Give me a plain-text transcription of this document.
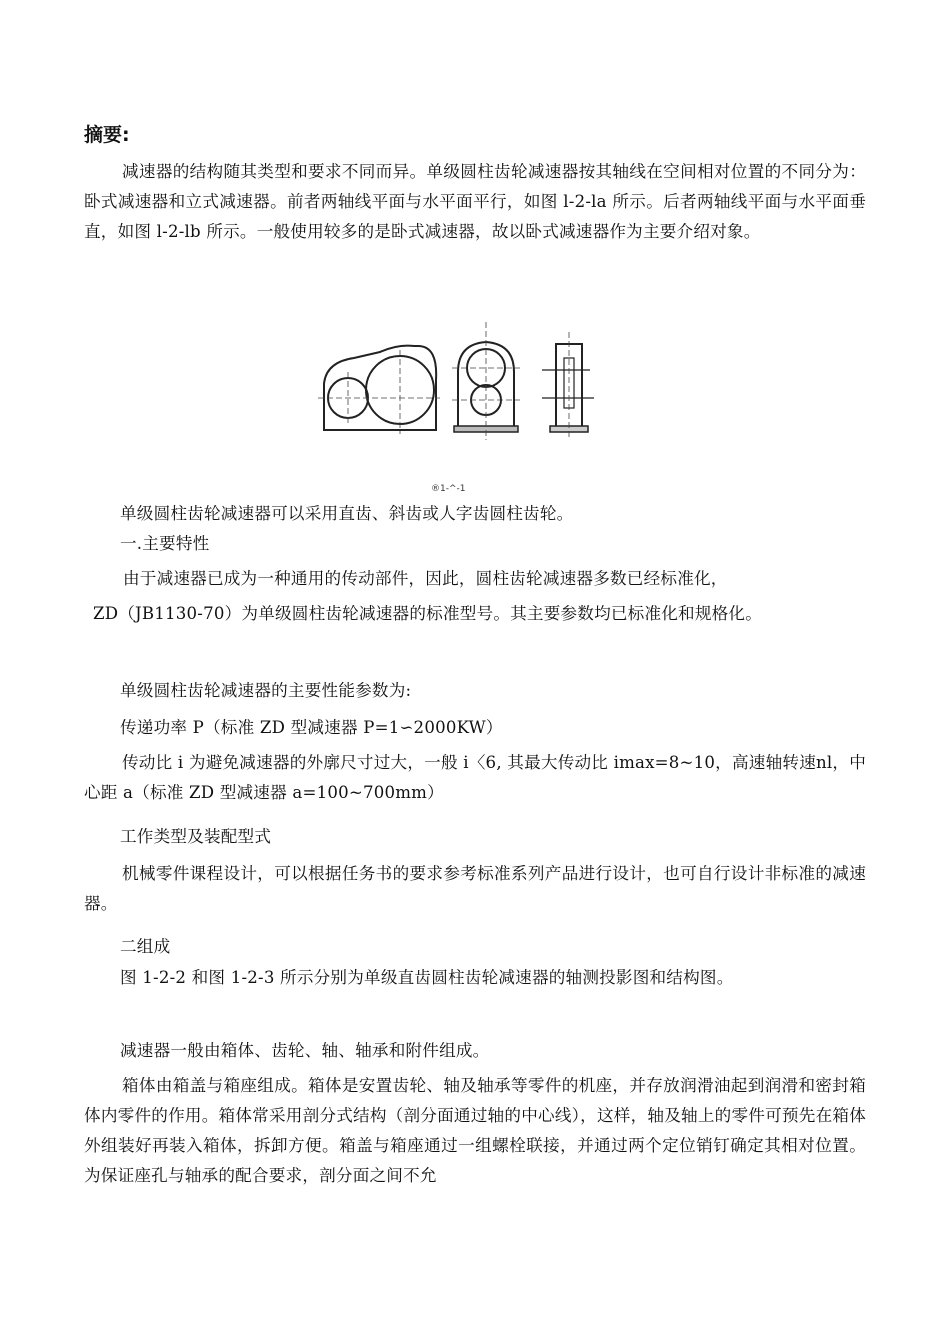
摘要:
减速器的结构随其类型和要求不同而异。单级圆柱齿轮减速器按其轴线在空间相对位置的不同分为：卧式减速器和立式减速器。前者两轴线平面与水平面平行，如图 l-2-la 所示。后者两轴线平面与水平面垂直，如图 l-2-lb 所示。一般使用较多的是卧式减速器，故以卧式减速器作为主要介绍对象。
®1-^-1
单级圆柱齿轮减速器可以采用直齿、斜齿或人字齿圆柱齿轮。
一.主要特性
由于减速器已成为一种通用的传动部件，因此，圆柱齿轮减速器多数已经标准化，
ZD（JB1130-70）为单级圆柱齿轮减速器的标准型号。其主要参数均已标准化和规格化。
单级圆柱齿轮减速器的主要性能参数为:
传递功率 P（标准 ZD 型减速器 P=1∽2000KW）
传动比 i 为避免减速器的外廓尺寸过大，一般 i〈6, 其最大传动比 imax=8~10，高速轴转速nl，中心距 a（标准 ZD 型减速器 a=100~700mm）
工作类型及装配型式
机械零件课程设计，可以根据任务书的要求参考标准系列产品进行设计，也可自行设计非标准的减速器。
二组成
图 1-2-2 和图 1-2-3 所示分别为单级直齿圆柱齿轮减速器的轴测投影图和结构图。
减速器一般由箱体、齿轮、轴、轴承和附件组成。
箱体由箱盖与箱座组成。箱体是安置齿轮、轴及轴承等零件的机座，并存放润滑油起到润滑和密封箱体内零件的作用。箱体常采用剖分式结构（剖分面通过轴的中心线），这样，轴及轴上的零件可预先在箱体外组装好再装入箱体，拆卸方便。箱盖与箱座通过一组螺栓联接，并通过两个定位销钉确定其相对位置。为保证座孔与轴承的配合要求，剖分面之间不允
